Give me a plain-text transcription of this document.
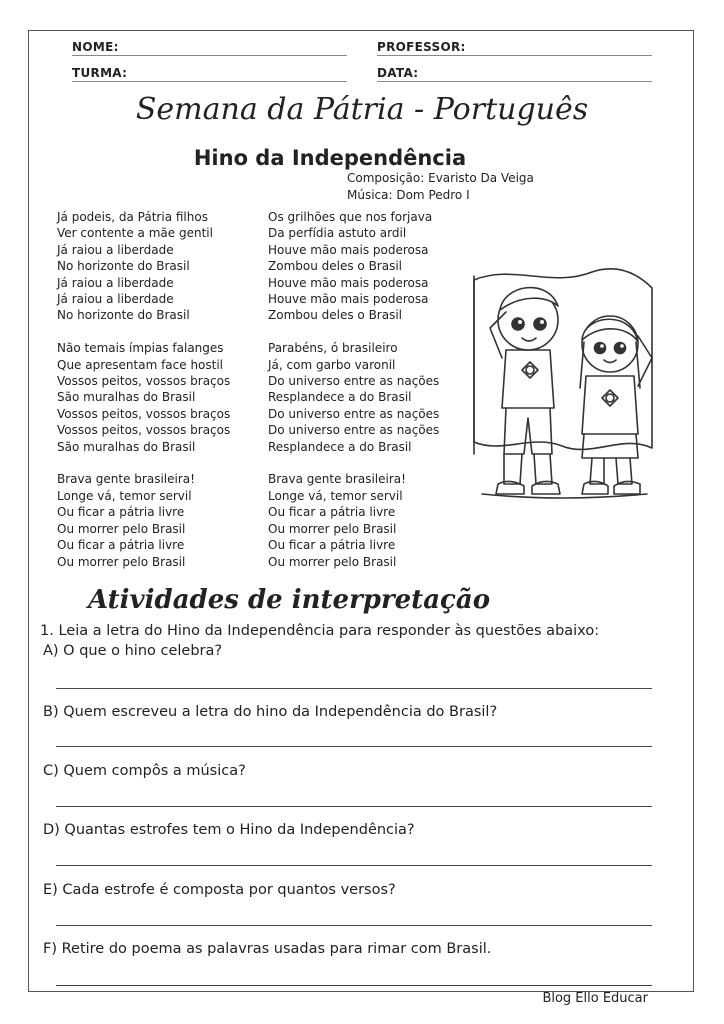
NOME:	PROFESSOR:
TURMA:	DATA:
Semana da Pátria - Português
Hino da Independência
Composição: Evaristo Da Veiga
Música: Dom Pedro I
Já podeis, da Pátria filhos
Ver contente a mãe gentil
Já raiou a liberdade
No horizonte do Brasil
Já raiou a liberdade
Já raiou a liberdade
No horizonte do Brasil
Não temais ímpias falanges
Que apresentam face hostil
Vossos peitos, vossos braços
São muralhas do Brasil
Vossos peitos, vossos braços
Vossos peitos, vossos braços
São muralhas do Brasil
Brava gente brasileira!
Longe vá, temor servil
Ou ficar a pátria livre
Ou morrer pelo Brasil
Ou ficar a pátria livre
Ou morrer pelo Brasil
Os grilhões que nos forjava
Da perfídia astuto ardil
Houve mão mais poderosa
Zombou deles o Brasil
Houve mão mais poderosa
Houve mão mais poderosa
Zombou deles o Brasil
Parabéns, ó brasileiro
Já, com garbo varonil
Do universo entre as nações
Resplandece a do Brasil
Do universo entre as nações
Do universo entre as nações
Resplandece a do Brasil
Brava gente brasileira!
Longe vá, temor servil
Ou ficar a pátria livre
Ou morrer pelo Brasil
Ou ficar a pátria livre
Ou morrer pelo Brasil
Atividades de interpretação
1. Leia a letra do Hino da Independência para responder às questões abaixo:
A) O que o hino celebra?
B) Quem escreveu a letra do hino da Independência do Brasil?
C) Quem compôs a música?
D) Quantas estrofes tem o Hino da Independência?
E) Cada estrofe é composta por quantos versos?
F) Retire do poema as palavras usadas para rimar com Brasil.
Blog Ello Educar
